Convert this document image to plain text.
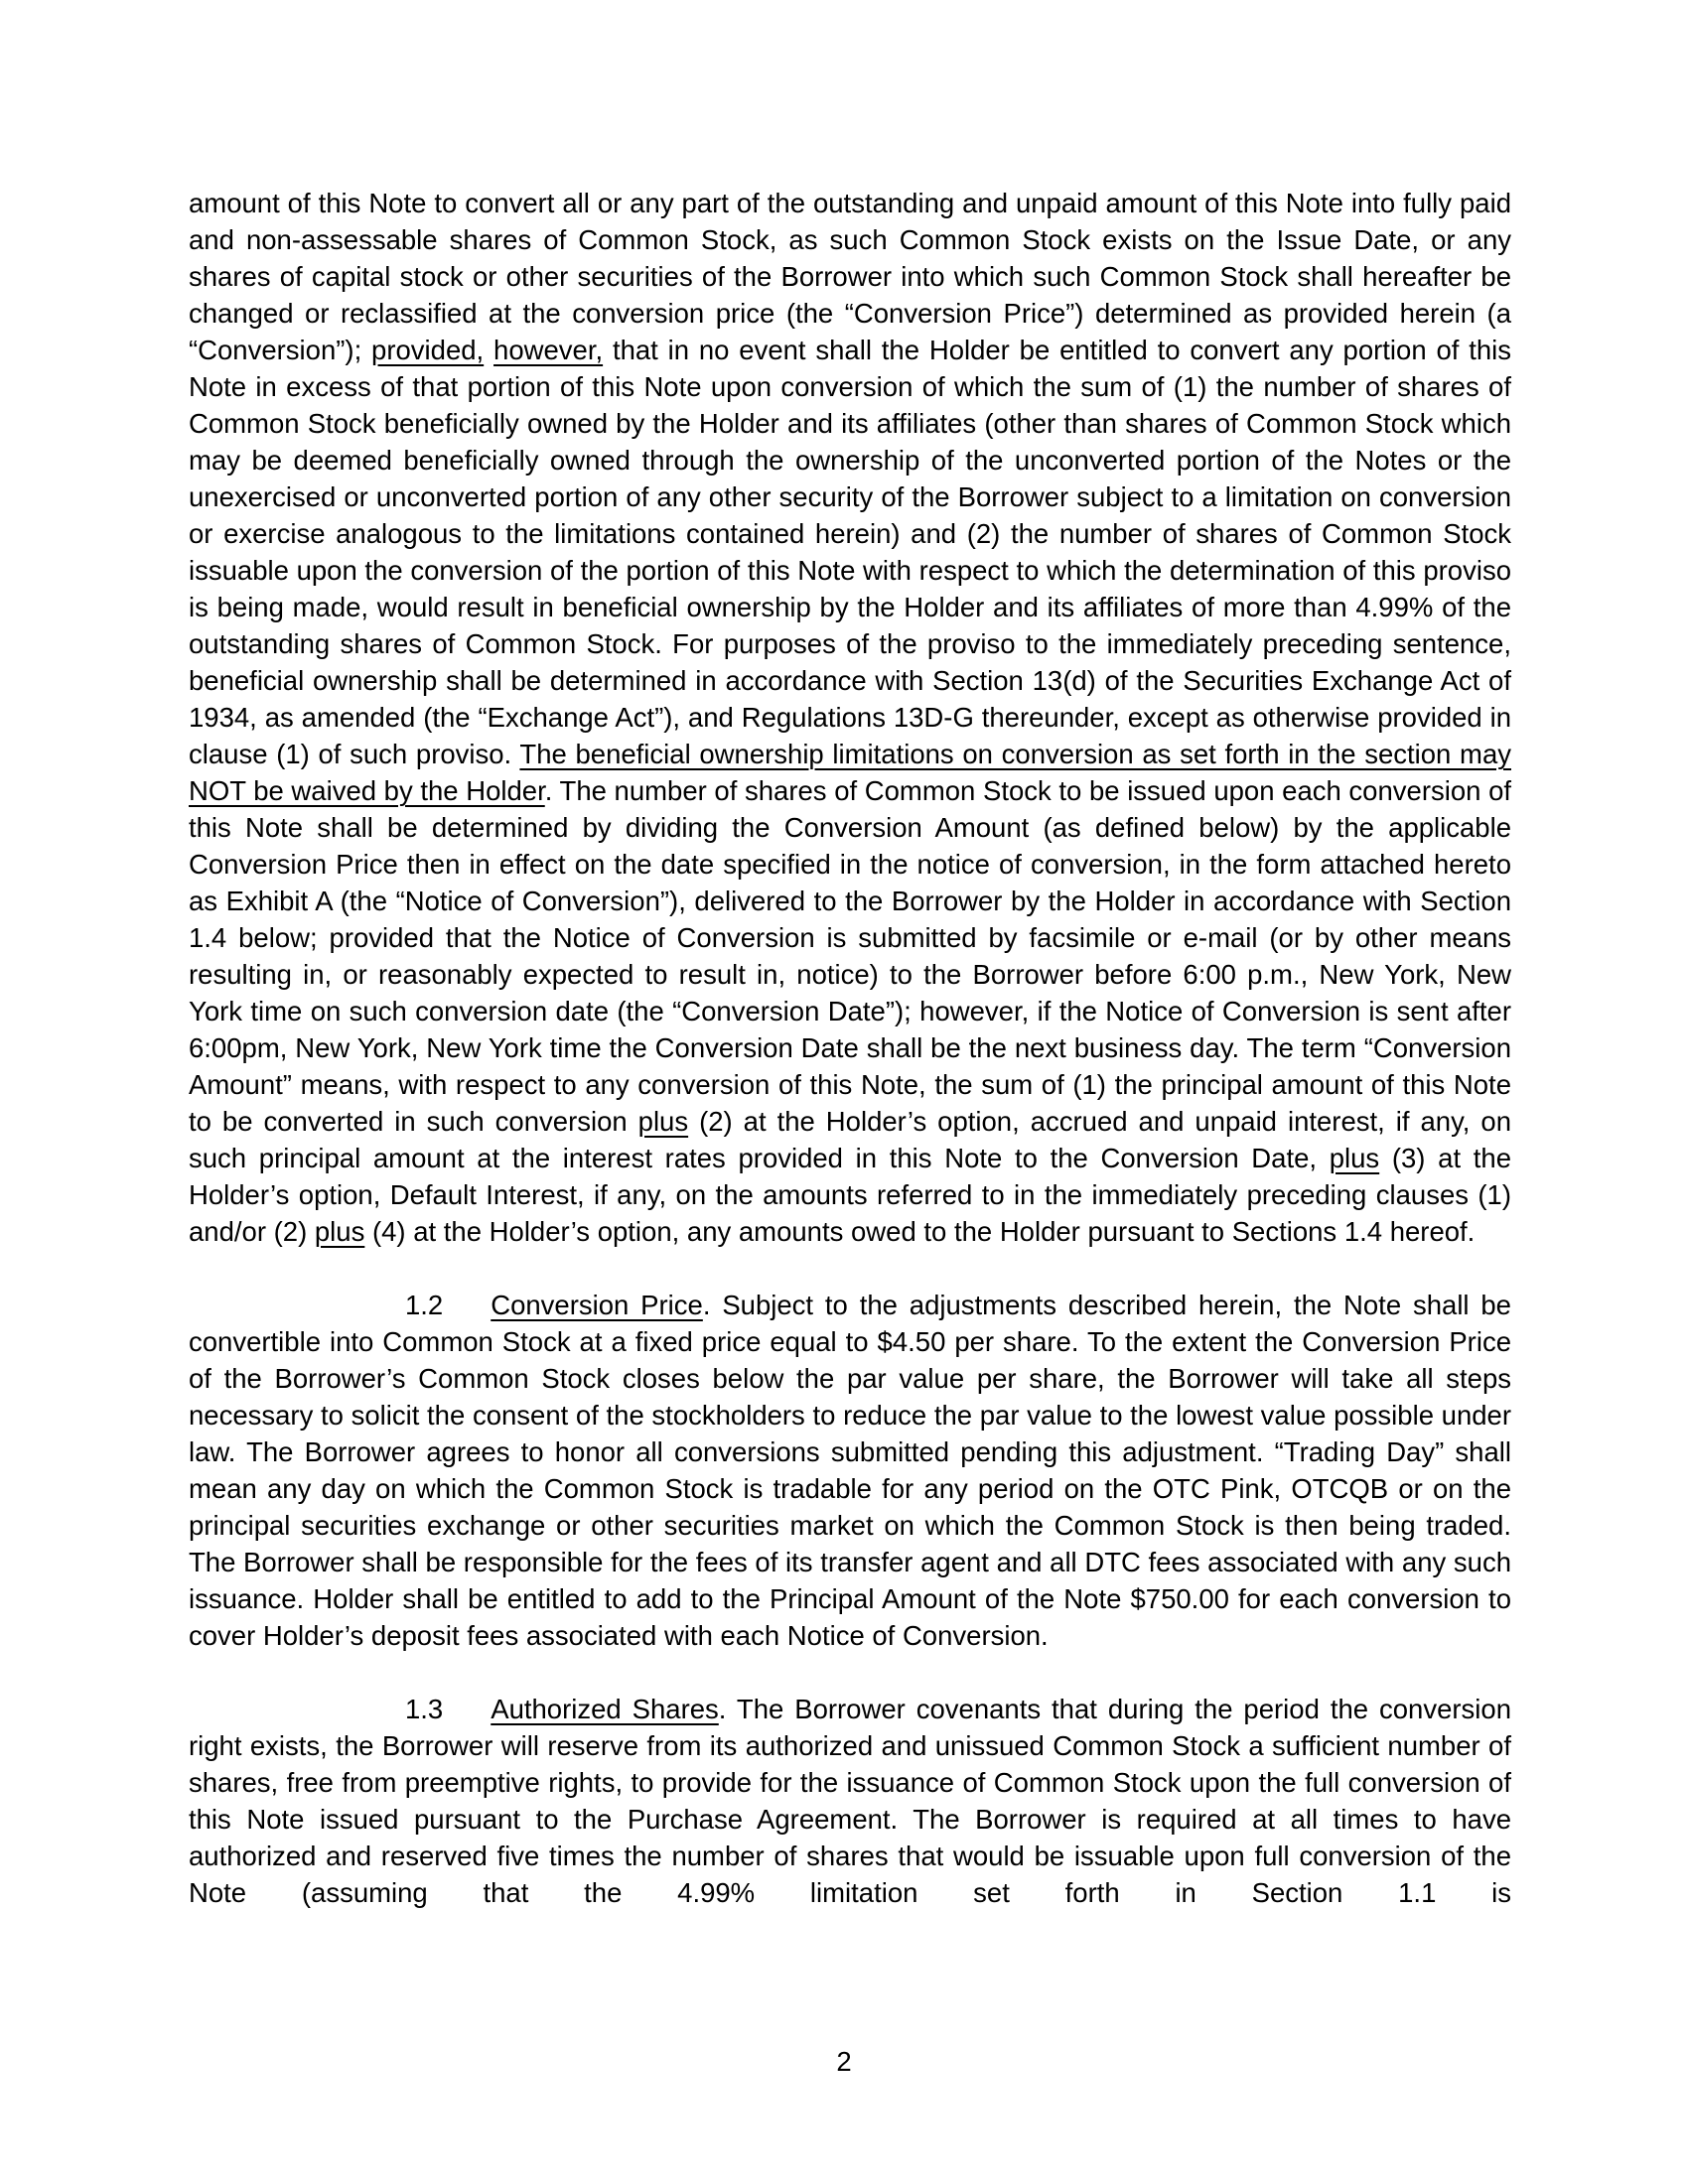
amount of this Note to convert all or any part of the outstanding and unpaid amount of this Note into fully paid and non-assessable shares of Common Stock, as such Common Stock exists on the Issue Date, or any shares of capital stock or other securities of the Borrower into which such Common Stock shall hereafter be changed or reclassified at the conversion price (the “Conversion Price”) determined as provided herein (a “Conversion”); provided, however, that in no event shall the Holder be entitled to convert any portion of this Note in excess of that portion of this Note upon conversion of which the sum of (1) the number of shares of Common Stock beneficially owned by the Holder and its affiliates (other than shares of Common Stock which may be deemed beneficially owned through the ownership of the unconverted portion of the Notes or the unexercised or unconverted portion of any other security of the Borrower subject to a limitation on conversion or exercise analogous to the limitations contained herein) and (2) the number of shares of Common Stock issuable upon the conversion of the portion of this Note with respect to which the determination of this proviso is being made, would result in beneficial ownership by the Holder and its affiliates of more than 4.99% of the outstanding shares of Common Stock. For purposes of the proviso to the immediately preceding sentence, beneficial ownership shall be determined in accordance with Section 13(d) of the Securities Exchange Act of 1934, as amended (the “Exchange Act”), and Regulations 13D-G thereunder, except as otherwise provided in clause (1) of such proviso. The beneficial ownership limitations on conversion as set forth in the section may NOT be waived by the Holder. The number of shares of Common Stock to be issued upon each conversion of this Note shall be determined by dividing the Conversion Amount (as defined below) by the applicable Conversion Price then in effect on the date specified in the notice of conversion, in the form attached hereto as Exhibit A (the “Notice of Conversion”), delivered to the Borrower by the Holder in accordance with Section 1.4 below; provided that the Notice of Conversion is submitted by facsimile or e-mail (or by other means resulting in, or reasonably expected to result in, notice) to the Borrower before 6:00 p.m., New York, New York time on such conversion date (the “Conversion Date”); however, if the Notice of Conversion is sent after 6:00pm, New York, New York time the Conversion Date shall be the next business day. The term “Conversion Amount” means, with respect to any conversion of this Note, the sum of (1) the principal amount of this Note to be converted in such conversion plus (2) at the Holder’s option, accrued and unpaid interest, if any, on such principal amount at the interest rates provided in this Note to the Conversion Date, plus (3) at the Holder’s option, Default Interest, if any, on the amounts referred to in the immediately preceding clauses (1) and/or (2) plus (4) at the Holder’s option, any amounts owed to the Holder pursuant to Sections 1.4 hereof.

1.2 Conversion Price. Subject to the adjustments described herein, the Note shall be convertible into Common Stock at a fixed price equal to $4.50 per share. To the extent the Conversion Price of the Borrower’s Common Stock closes below the par value per share, the Borrower will take all steps necessary to solicit the consent of the stockholders to reduce the par value to the lowest value possible under law. The Borrower agrees to honor all conversions submitted pending this adjustment. “Trading Day” shall mean any day on which the Common Stock is tradable for any period on the OTC Pink, OTCQB or on the principal securities exchange or other securities market on which the Common Stock is then being traded. The Borrower shall be responsible for the fees of its transfer agent and all DTC fees associated with any such issuance. Holder shall be entitled to add to the Principal Amount of the Note $750.00 for each conversion to cover Holder’s deposit fees associated with each Notice of Conversion.

1.3 Authorized Shares. The Borrower covenants that during the period the conversion right exists, the Borrower will reserve from its authorized and unissued Common Stock a sufficient number of shares, free from preemptive rights, to provide for the issuance of Common Stock upon the full conversion of this Note issued pursuant to the Purchase Agreement. The Borrower is required at all times to have authorized and reserved five times the number of shares that would be issuable upon full conversion of the Note (assuming that the 4.99% limitation set forth in Section 1.1 is

2
